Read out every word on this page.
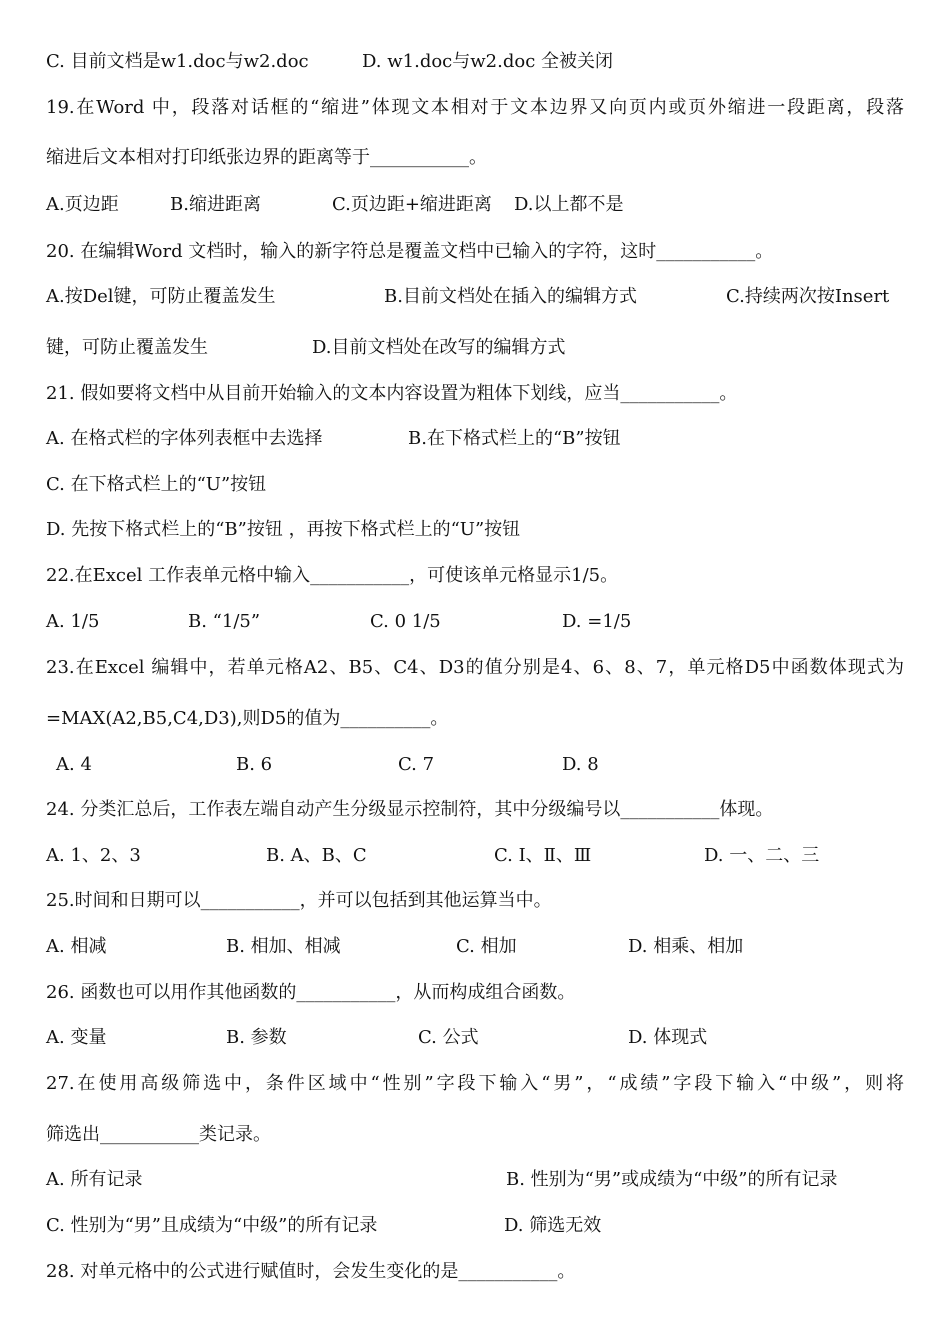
C. 目前文档是w1.doc与w2.doc	D. w1.doc与w2.doc 全被关闭
19.在Word 中，段落对话框的“缩进”体现文本相对于文本边界又向页内或页外缩进一段距离，段落
缩进后文本相对打印纸张边界的距离等于___________。
A.页边距	B.缩进距离	C.页边距+缩进距离 D.以上都不是
20. 在编辑Word 文档时，输入的新字符总是覆盖文档中已输入的字符，这时___________。
A.按Del键，可防止覆盖发生	B.目前文档处在插入的编辑方式	C.持续两次按Insert
键，可防止覆盖发生	D.目前文档处在改写的编辑方式
21. 假如要将文档中从目前开始输入的文本内容设置为粗体下划线，应当___________。
A. 在格式栏的字体列表框中去选择	B.在下格式栏上的“B”按钮
C. 在下格式栏上的“U”按钮
D. 先按下格式栏上的“B”按钮 ，再按下格式栏上的“U”按钮
22.在Excel 工作表单元格中输入___________，可使该单元格显示1/5。
A. 1/5	B. “1/5”	C. 0 1/5	D. =1/5
23.在Excel 编辑中，若单元格A2、B5、C4、D3的值分别是4、6、8、7，单元格D5中函数体现式为
=MAX(A2,B5,C4,D3),则D5的值为__________。
A. 4	B. 6	C. 7	D. 8
24. 分类汇总后，工作表左端自动产生分级显示控制符，其中分级编号以___________体现。
A. 1、2、3	B. A、B、C	C. Ⅰ、Ⅱ、Ⅲ	D. 一、二、三
25.时间和日期可以___________，并可以包括到其他运算当中。
A. 相减	B. 相加、相减	C. 相加	D. 相乘、相加
26. 函数也可以用作其他函数的___________，从而构成组合函数。
A. 变量	B. 参数	C. 公式	D. 体现式
27.在使用高级筛选中，条件区域中“性别”字段下输入“男”，“成绩”字段下输入“中级”，则将
筛选出___________类记录。
A. 所有记录	B. 性别为“男”或成绩为“中级”的所有记录
C. 性别为“男”且成绩为“中级”的所有记录	D. 筛选无效
28. 对单元格中的公式进行赋值时，会发生变化的是___________。
